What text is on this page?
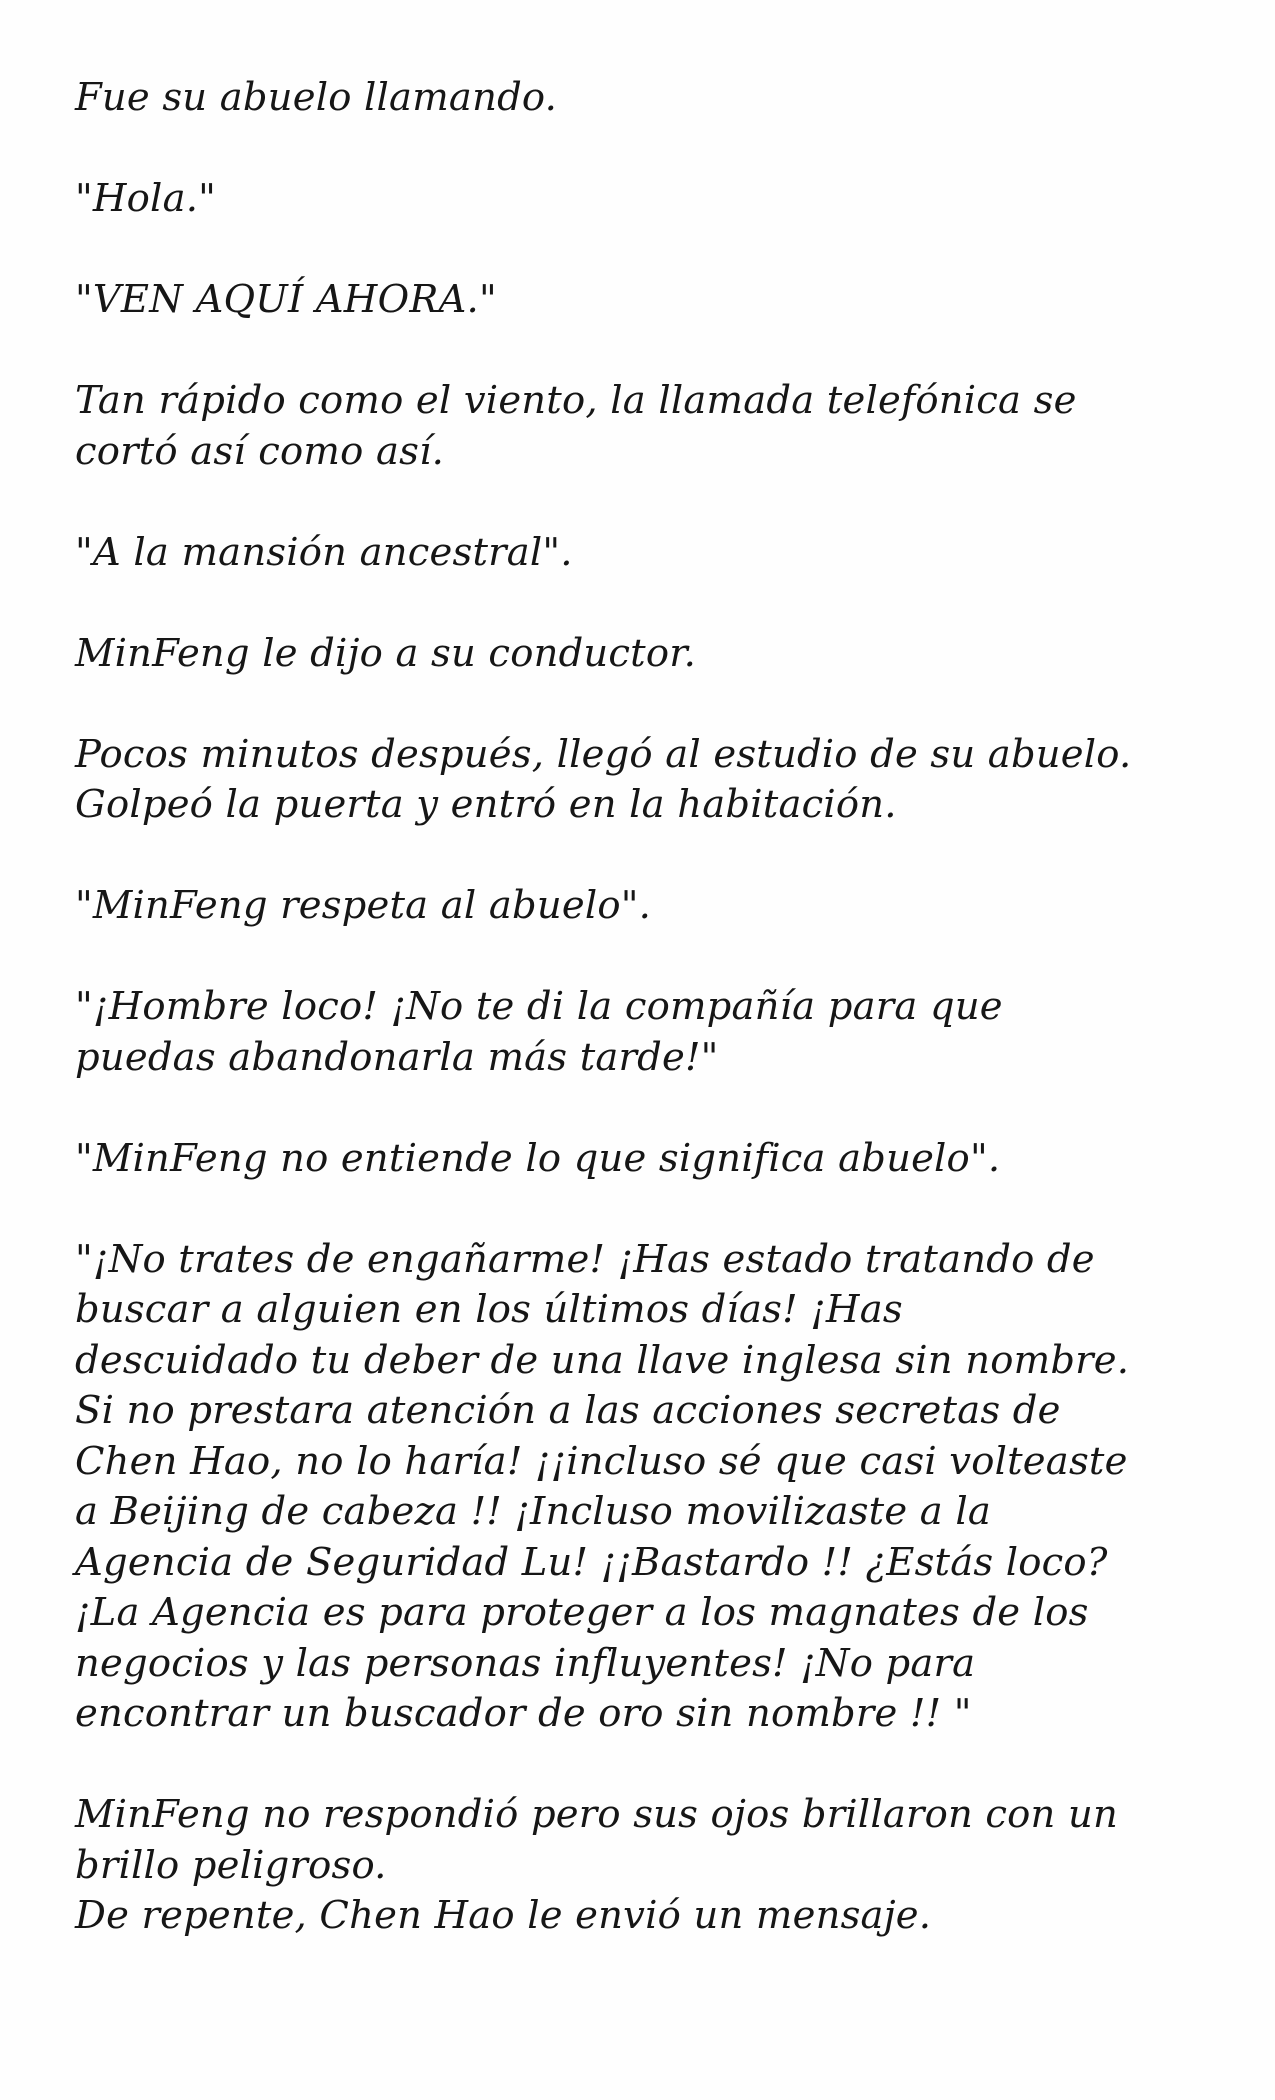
Fue su abuelo llamando.

"Hola."

"VEN AQUÍ AHORA."

Tan rápido como el viento, la llamada telefónica se
cortó así como así.

"A la mansión ancestral".

MinFeng le dijo a su conductor.

Pocos minutos después, llegó al estudio de su abuelo.
Golpeó la puerta y entró en la habitación.

"MinFeng respeta al abuelo".

"¡Hombre loco! ¡No te di la compañía para que
puedas abandonarla más tarde!"

"MinFeng no entiende lo que significa abuelo".

"¡No trates de engañarme! ¡Has estado tratando de
buscar a alguien en los últimos días! ¡Has
descuidado tu deber de una llave inglesa sin nombre.
Si no prestara atención a las acciones secretas de
Chen Hao, no lo haría! ¡¡incluso sé que casi volteaste
a Beijing de cabeza !! ¡Incluso movilizaste a la
Agencia de Seguridad Lu! ¡¡Bastardo !! ¿Estás loco?
¡La Agencia es para proteger a los magnates de los
negocios y las personas influyentes! ¡No para
encontrar un buscador de oro sin nombre !! "

MinFeng no respondió pero sus ojos brillaron con un
brillo peligroso.

De repente, Chen Hao le envió un mensaje.
